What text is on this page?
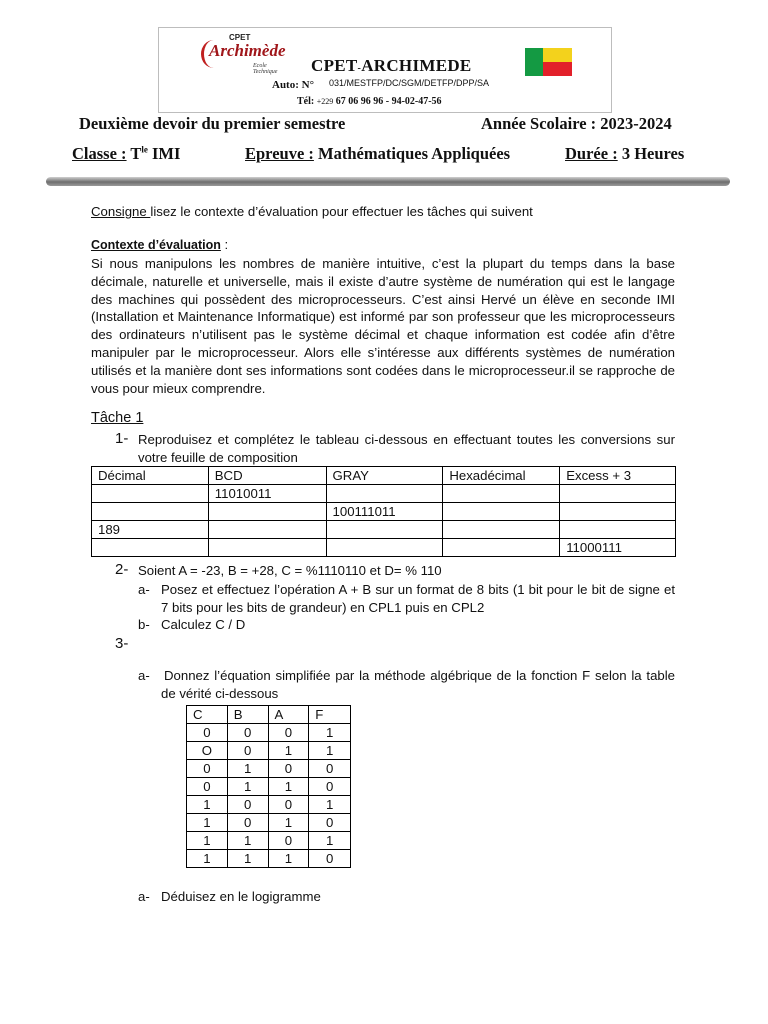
CPET
Archimède
Ecole Technique	CPET-ARCHIMEDE
Auto: N° 031/MESTFP/DC/SGM/DETFP/DPP/SA
Tél: +229 67 06 96 96 - 94-02-47-56
Deuxième devoir du premier semestre	Année Scolaire : 2023-2024
Classe : $T^{le}$ IMI	Epreuve : Mathématiques Appliquées	Durée : 3 Heures
Consigne lisez le contexte d’évaluation pour effectuer les tâches qui suivent
Contexte d’évaluation :
Si nous manipulons les nombres de manière intuitive, c’est la plupart du temps dans la base décimale, naturelle et universelle, mais il existe d’autre système de numération qui est le langage des machines qui possèdent des microprocesseurs. C’est ainsi Hervé un élève en seconde IMI (Installation et Maintenance Informatique) est informé par son professeur que les microprocesseurs des ordinateurs n’utilisent pas le système décimal et chaque information est codée afin d’être manipuler par le microprocesseur. Alors elle s’intéresse aux différents systèmes de numération utilisés et la manière dont ses informations sont codées dans le microprocesseur.il se rapproche de vous pour mieux comprendre.
Tâche 1
1- Reproduisez et complétez le tableau ci-dessous en effectuant toutes les conversions sur votre feuille de composition
Décimal	BCD	GRAY	Hexadécimal	Excess + 3
	11010011			
		100111011		
189				
				11000111
2- Soient A = -23, B = +28, C = %1110110 et D= % 110
a- Posez et effectuez l’opération A + B sur un format de 8 bits (1 bit pour le bit de signe et 7 bits pour les bits de grandeur) en CPL1 puis en CPL2
b- Calculez C / D
3-
a- Donnez l’équation simplifiée par la méthode algébrique de la fonction F selon la table de vérité ci-dessous
C	B	A	F
0	0	0	1
O	0	1	1
0	1	0	0
0	1	1	0
1	0	0	1
1	0	1	0
1	1	0	1
1	1	1	0
a- Déduisez en le logigramme
